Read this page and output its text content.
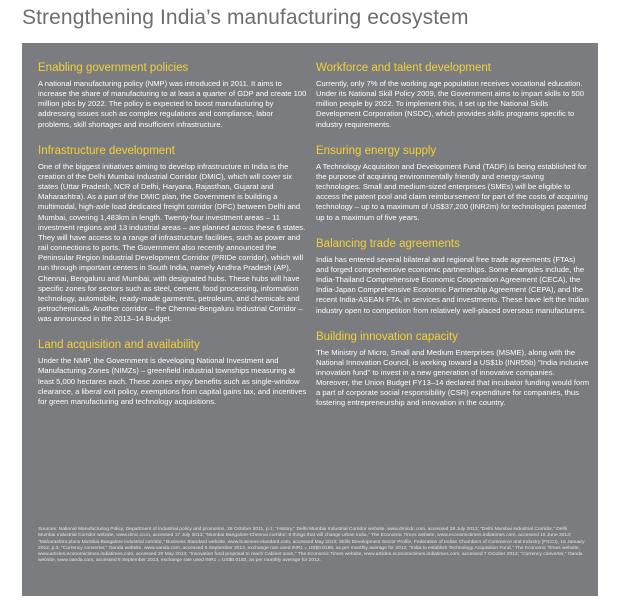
Strengthening India’s manufacturing ecosystem
Enabling government policies
A national manufacturing policy (NMP) was introduced in 2011. It aims to increase the share of manufacturing to at least a quarter of GDP and create 100 million jobs by 2022. The policy is expected to boost manufacturing by addressing issues such as complex regulations and compliance, labor problems, skill shortages and insufficient infrastructure.
Infrastructure development
One of the biggest initiatives aiming to develop infrastructure in India is the creation of the Delhi Mumbai Industrial Corridor (DMIC), which will cover six states (Uttar Pradesh, NCR of Delhi, Haryana, Rajasthan, Gujarat and Maharashtra). As a part of the DMIC plan, the Government is building a multimodal, high-axle load dedicated freight corridor (DFC) between Delhi and Mumbai, covering 1,483km in length. Twenty-four investment areas – 11 investment regions and 13 industrial areas – are planned across these 6 states. They will have access to a range of infrastructure facilities, such as power and rail connections to ports. The Government also recently announced the Peninsular Region Industrial Development Corridor (PRIDe corridor), which will run through important centers in South India, namely Andhra Pradesh (AP), Chennai, Bengaluru and Mumbai, with designated hubs. These hubs will have specific zones for sectors such as steel, cement, food processing, information technology, automobile, ready-made garments, petroleum, and chemicals and petrochemicals. Another corridor – the Chennai-Bengaluru Industrial Corridor – was announced in the 2013–14 Budget.
Land acquisition and availability
Under the NMP, the Government is developing National Investment and Manufacturing Zones (NIMZs) – greenfield industrial townships measuring at least 5,000 hectares each. These zones enjoy benefits such as single-window clearance, a liberal exit policy, exemptions from capital gains tax, and incentives for green manufacturing and technology acquisitions.
Workforce and talent development
Currently, only 7% of the working age population receives vocational education. Under its National Skill Policy 2009, the Government aims to impart skills to 500 million people by 2022. To implement this, it set up the National Skills Development Corporation (NSDC), which provides skills programs specific to industry requirements.
Ensuring energy supply
A Technology Acquisition and Development Fund (TADF) is being established for the purpose of acquiring environmentally friendly and energy-saving technologies. Small and medium-sized enterprises (SMEs) will be eligible to access the patent pool and claim reimbursement for part of the costs of acquiring technology – up to a maximum of US$37,200 (INR2m) for technologies patented up to a maximum of five years.
Balancing trade agreements
India has entered several bilateral and regional free trade agreements (FTAs) and forged comprehensive economic partnerships. Some examples include, the India-Thailand Comprehensive Economic Cooperation Agreement (CECA), the India-Japan Comprehensive Economic Partnership Agreement (CEPA), and the recent India-ASEAN FTA, in services and investments. These have left the Indian industry open to competition from relatively well-placed overseas manufacturers.
Building innovation capacity
The Ministry of Micro, Small and Medium Enterprises (MSME), along with the National Innovation Council, is working toward a US$1b (INR55b) "India inclusive innovation fund" to invest in a new generation of innovative companies. Moreover, the Union Budget FY13–14 declared that incubator funding would form a part of corporate social responsibility (CSR) expenditure for companies, thus fostering entrepreneurship and innovation in the country.
Sources: National Manufacturing Policy, Department of Industrial policy and promotion, 25 October 2011, p.1; "History," Delhi Mumbai Industrial Corridor website, www.dmicdc.com, accessed 28 July 2013; "Delhi Mumbai Industrial Corridor," Delhi Mumbai Industrial Corridor website, www.dmic.co.in, accessed 17 July 2013; "Mumbai Bangalore-Chennai corridor: 8 things that will change urban India," The Economic Times website, www.economictimes.indiatimes.com, accessed 16 June 2013; "Maharashtra plans Mumbai-Bangalore industrial corridor," Business Standard website, www.business-standard.com, accessed May 2013; Skills Development Sector Profile, Federation of Indian Chambers of Commerce and Industry (FICCI), 16 January 2012, p.3; "Currency converter," Oanda website, www.oanda.com, accessed 6 September 2013, exchange rate used INR1 = US$0.0186, as per monthly average for 2012; "India to establish Technology Acquisition Fund," The Economic Times website, www.articles.economictimes.indiatimes.com, accessed 20 May 2013; "Innovation fund proposal to reach Cabinet soon," The Economic Times website, www.articles.economictimes.indiatimes.com, accessed 7 October 2013; "Currency converter," Oanda website, www.oanda.com, accessed 6 September 2013, exchange rate used INR1 = US$0.0182, as per monthly average for 2013.
